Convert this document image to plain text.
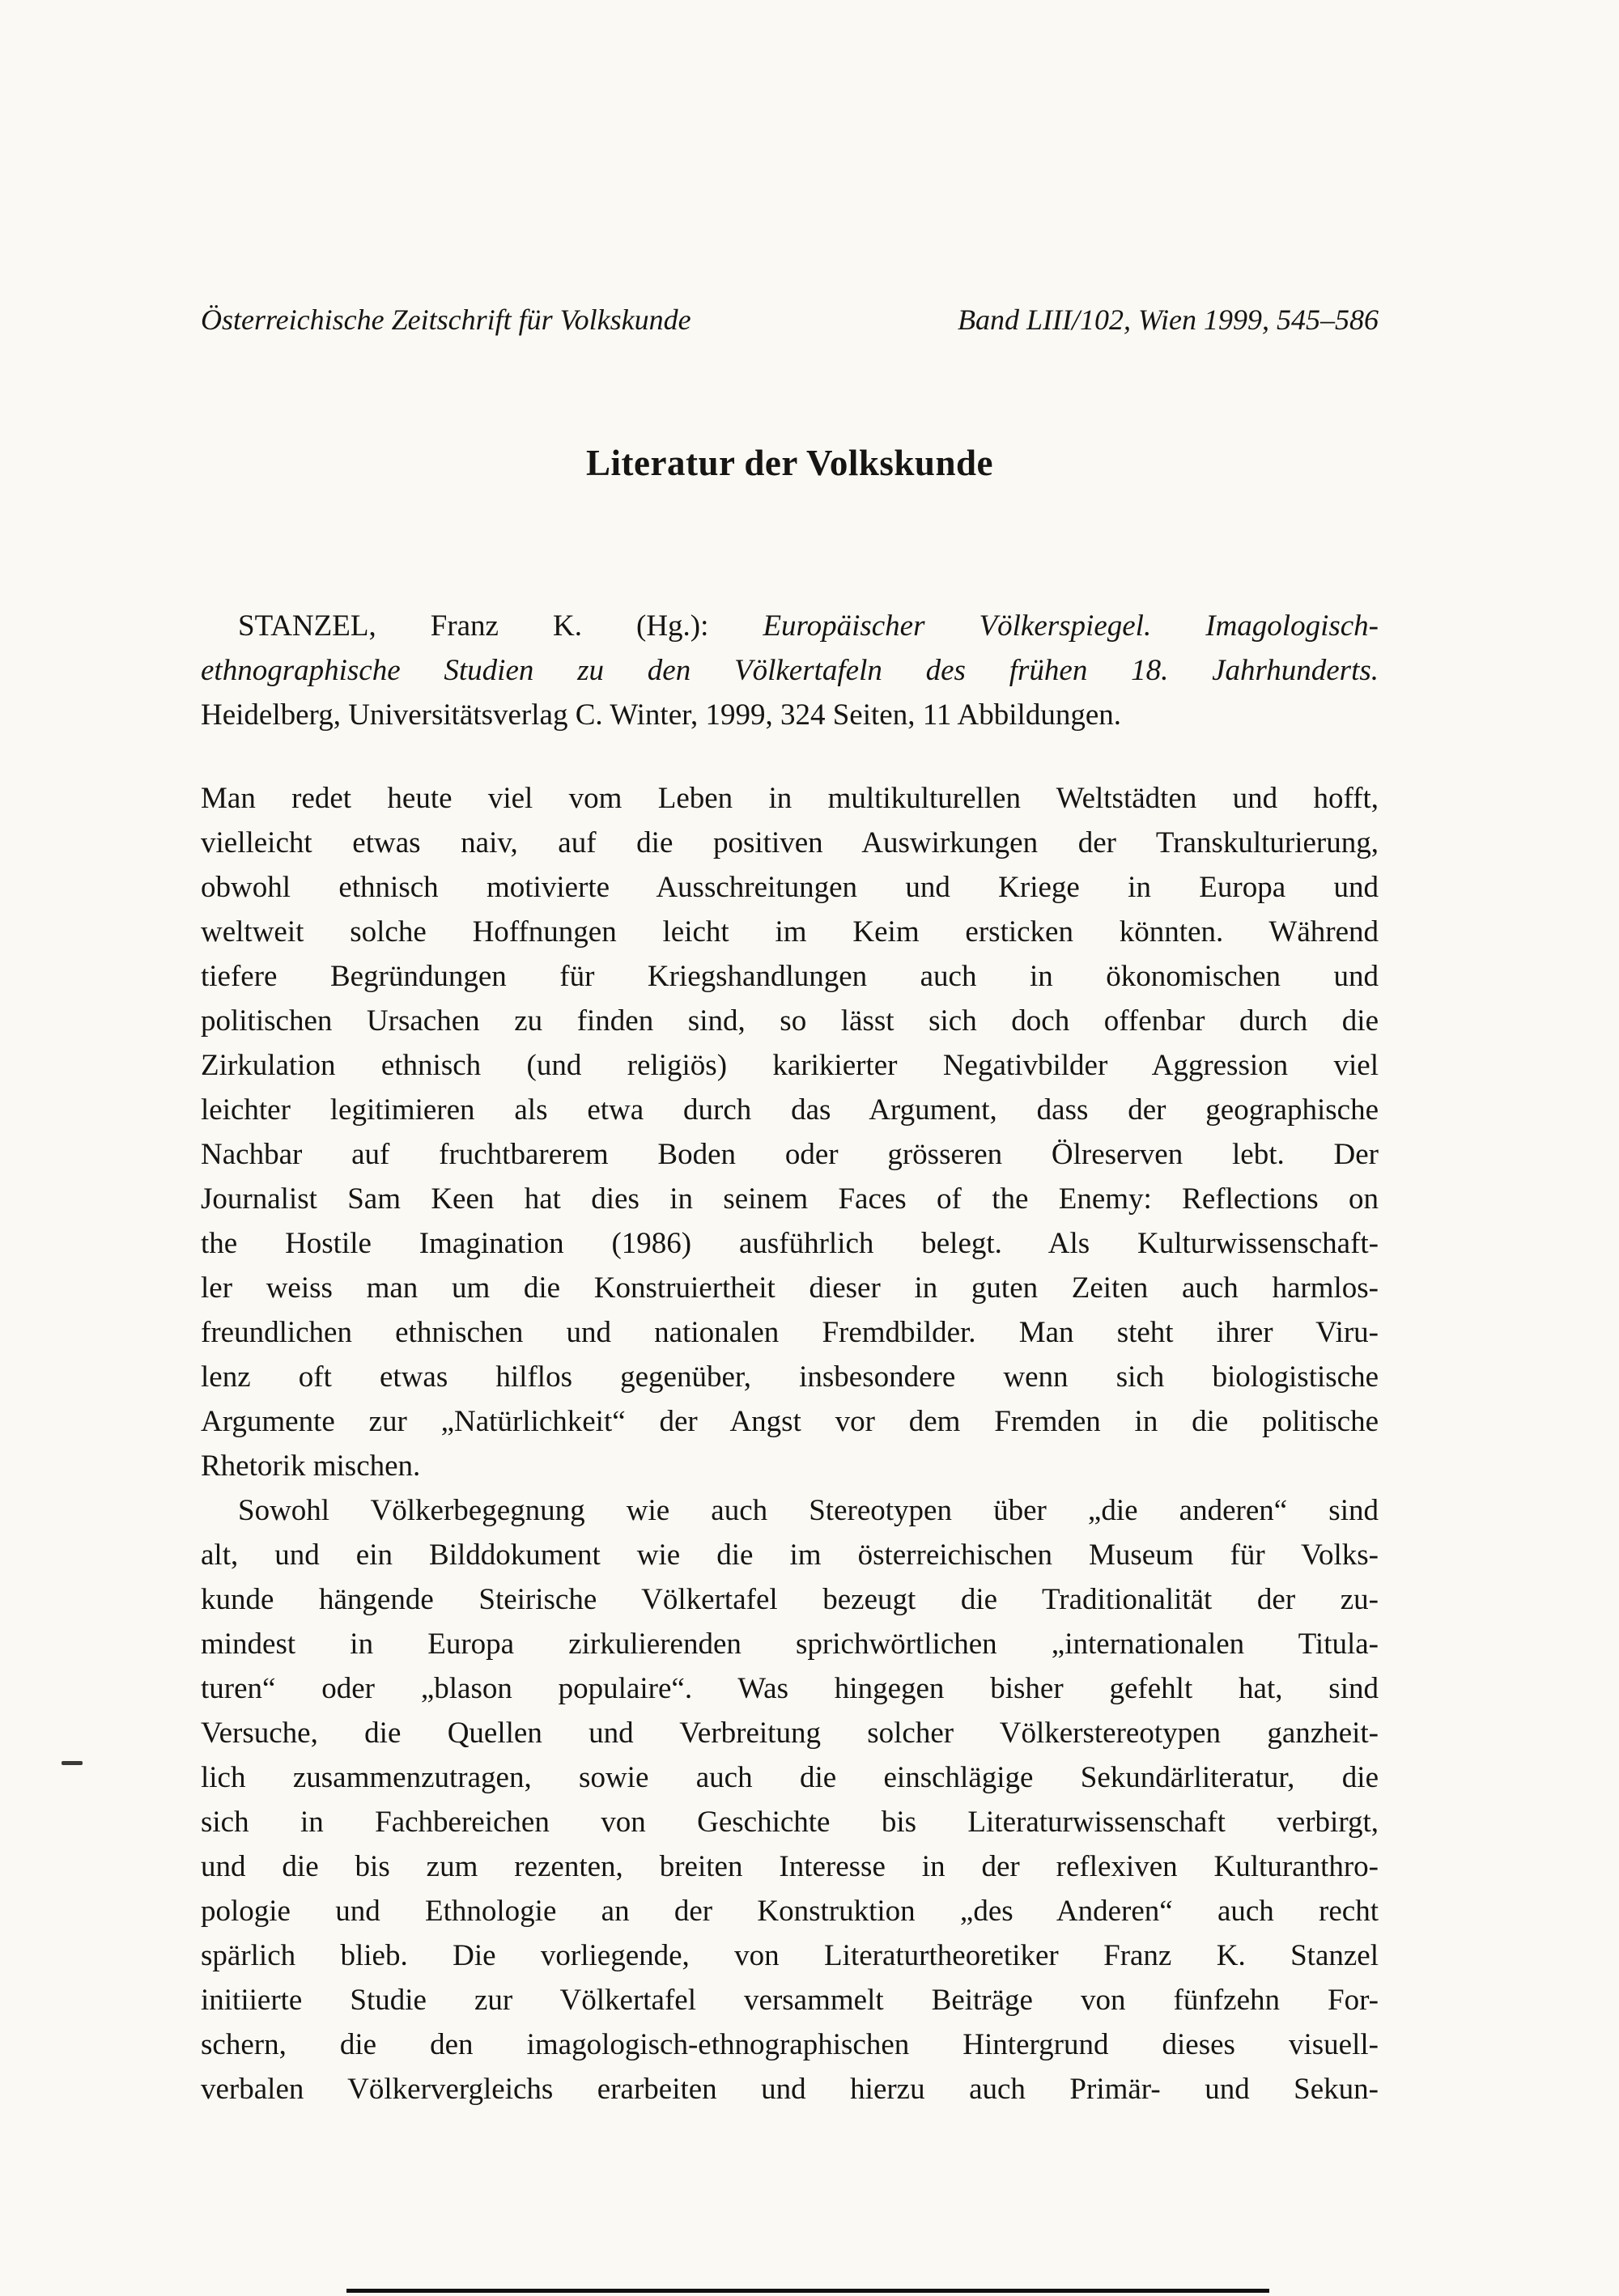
Österreichische Zeitschrift für Volkskunde	Band LIII/102, Wien 1999, 545–586
Literatur der Volkskunde
STANZEL, Franz K. (Hg.): Europäischer Völkerspiegel. Imagologisch-
ethnographische Studien zu den Völkertafeln des frühen 18. Jahrhunderts.
Heidelberg, Universitätsverlag C. Winter, 1999, 324 Seiten, 11 Abbildungen.
Man redet heute viel vom Leben in multikulturellen Weltstädten und hofft,
vielleicht etwas naiv, auf die positiven Auswirkungen der Transkulturierung,
obwohl ethnisch motivierte Ausschreitungen und Kriege in Europa und
weltweit solche Hoffnungen leicht im Keim ersticken könnten. Während
tiefere Begründungen für Kriegshandlungen auch in ökonomischen und
politischen Ursachen zu finden sind, so lässt sich doch offenbar durch die
Zirkulation ethnisch (und religiös) karikierter Negativbilder Aggression viel
leichter legitimieren als etwa durch das Argument, dass der geographische
Nachbar auf fruchtbarerem Boden oder grösseren Ölreserven lebt. Der
Journalist Sam Keen hat dies in seinem Faces of the Enemy: Reflections on
the Hostile Imagination (1986) ausführlich belegt. Als Kulturwissenschaft-
ler weiss man um die Konstruiertheit dieser in guten Zeiten auch harmlos-
freundlichen ethnischen und nationalen Fremdbilder. Man steht ihrer Viru-
lenz oft etwas hilflos gegenüber, insbesondere wenn sich biologistische
Argumente zur „Natürlichkeit“ der Angst vor dem Fremden in die politische
Rhetorik mischen.
Sowohl Völkerbegegnung wie auch Stereotypen über „die anderen“ sind
alt, und ein Bilddokument wie die im österreichischen Museum für Volks-
kunde hängende Steirische Völkertafel bezeugt die Traditionalität der zu-
mindest in Europa zirkulierenden sprichwörtlichen „internationalen Titula-
turen“ oder „blason populaire“. Was hingegen bisher gefehlt hat, sind
Versuche, die Quellen und Verbreitung solcher Völkerstereotypen ganzheit-
lich zusammenzutragen, sowie auch die einschlägige Sekundärliteratur, die
sich in Fachbereichen von Geschichte bis Literaturwissenschaft verbirgt,
und die bis zum rezenten, breiten Interesse in der reflexiven Kulturanthro-
pologie und Ethnologie an der Konstruktion „des Anderen“ auch recht
spärlich blieb. Die vorliegende, von Literaturtheoretiker Franz K. Stanzel
initiierte Studie zur Völkertafel versammelt Beiträge von fünfzehn For-
schern, die den imagologisch-ethnographischen Hintergrund dieses visuell-
verbalen Völkervergleichs erarbeiten und hierzu auch Primär- und Sekun-
